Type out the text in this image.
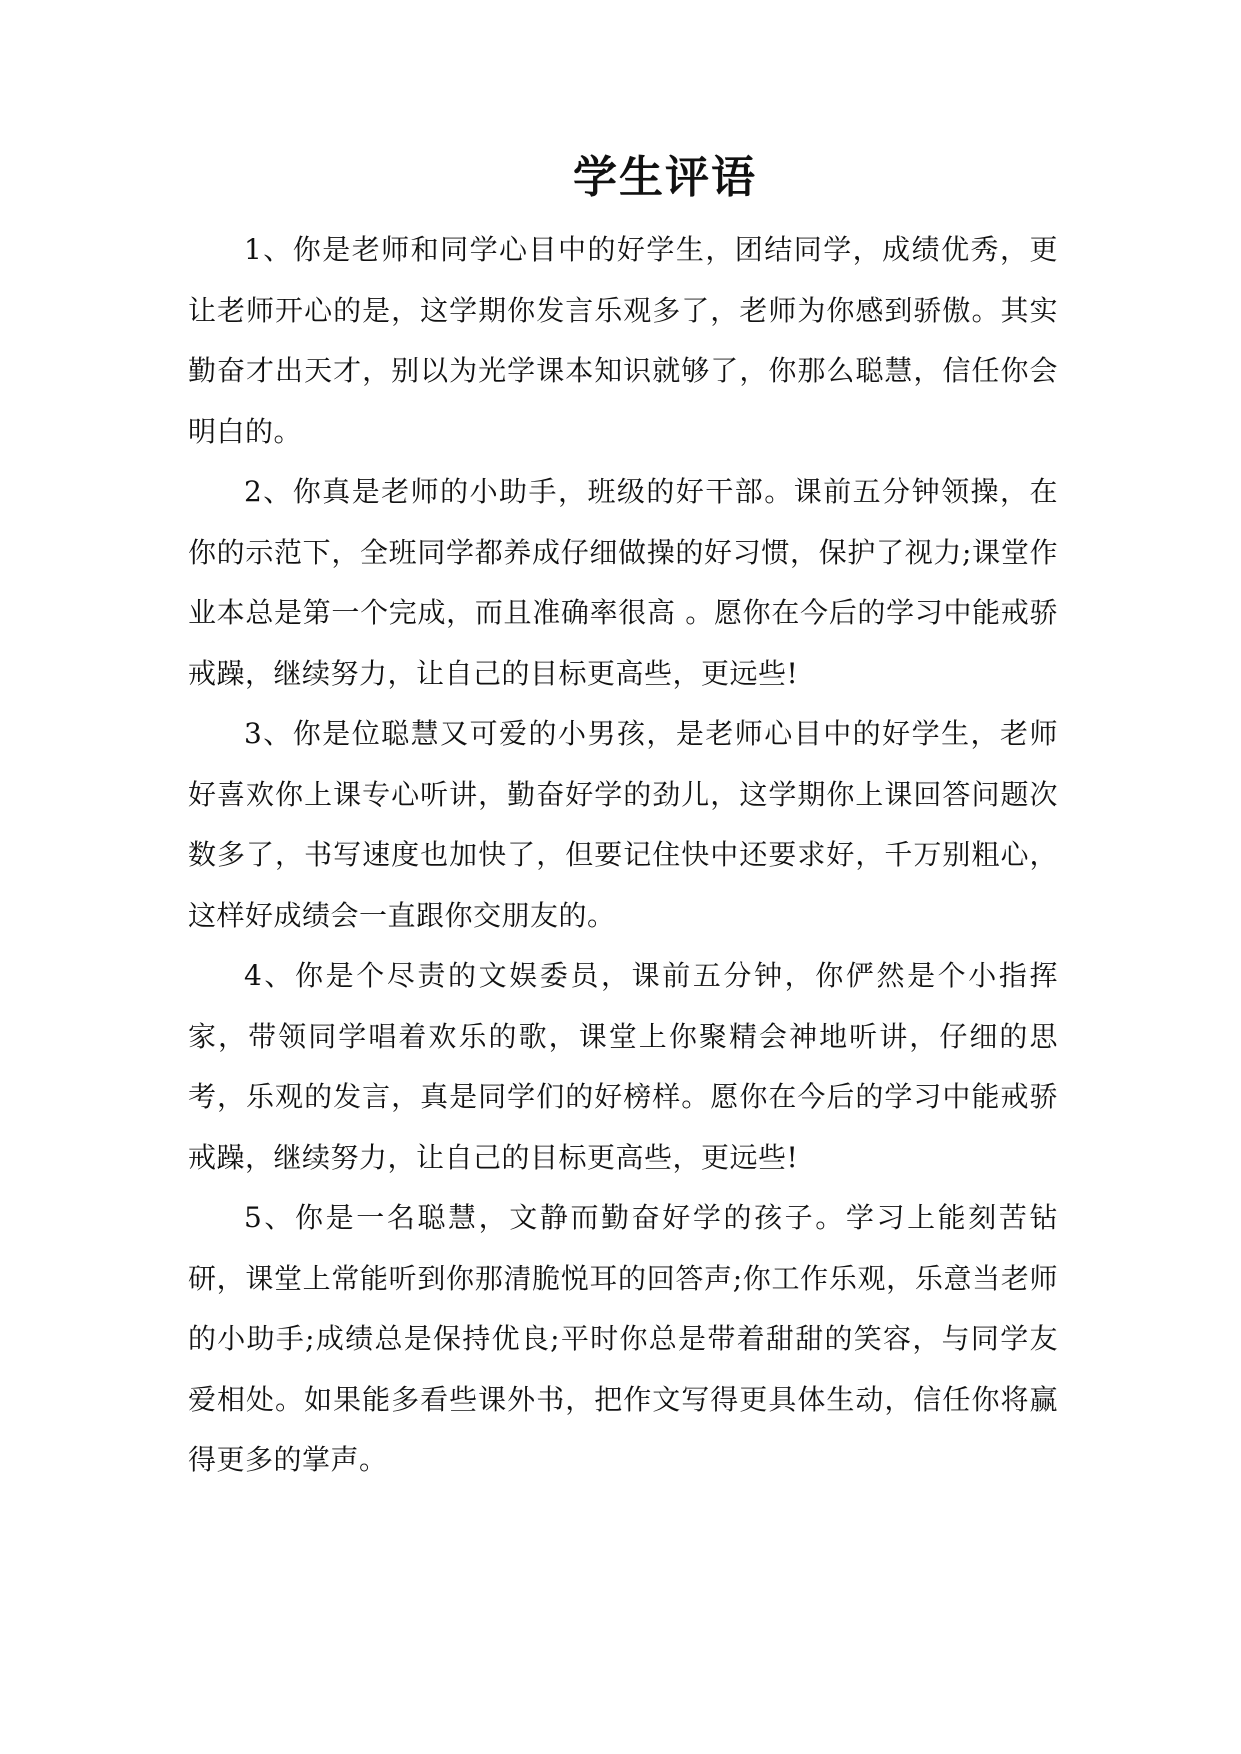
学生评语

1、你是老师和同学心目中的好学生，团结同学，成绩优秀，更让老师开心的是，这学期你发言乐观多了，老师为你感到骄傲。其实勤奋才出天才，别以为光学课本知识就够了，你那么聪慧，信任你会明白的。

2、你真是老师的小助手，班级的好干部。课前五分钟领操，在你的示范下，全班同学都养成仔细做操的好习惯，保护了视力;课堂作业本总是第一个完成，而且准确率很高 。愿你在今后的学习中能戒骄戒躁，继续努力，让自己的目标更高些，更远些!

3、你是位聪慧又可爱的小男孩，是老师心目中的好学生，老师好喜欢你上课专心听讲，勤奋好学的劲儿，这学期你上课回答问题次数多了，书写速度也加快了，但要记住快中还要求好，千万别粗心，这样好成绩会一直跟你交朋友的。

4、你是个尽责的文娱委员，课前五分钟，你俨然是个小指挥家，带领同学唱着欢乐的歌，课堂上你聚精会神地听讲，仔细的思考，乐观的发言，真是同学们的好榜样。愿你在今后的学习中能戒骄戒躁，继续努力，让自己的目标更高些，更远些!

5、你是一名聪慧，文静而勤奋好学的孩子。学习上能刻苦钻研，课堂上常能听到你那清脆悦耳的回答声;你工作乐观，乐意当老师的小助手;成绩总是保持优良;平时你总是带着甜甜的笑容，与同学友爱相处。如果能多看些课外书，把作文写得更具体生动，信任你将赢得更多的掌声。
